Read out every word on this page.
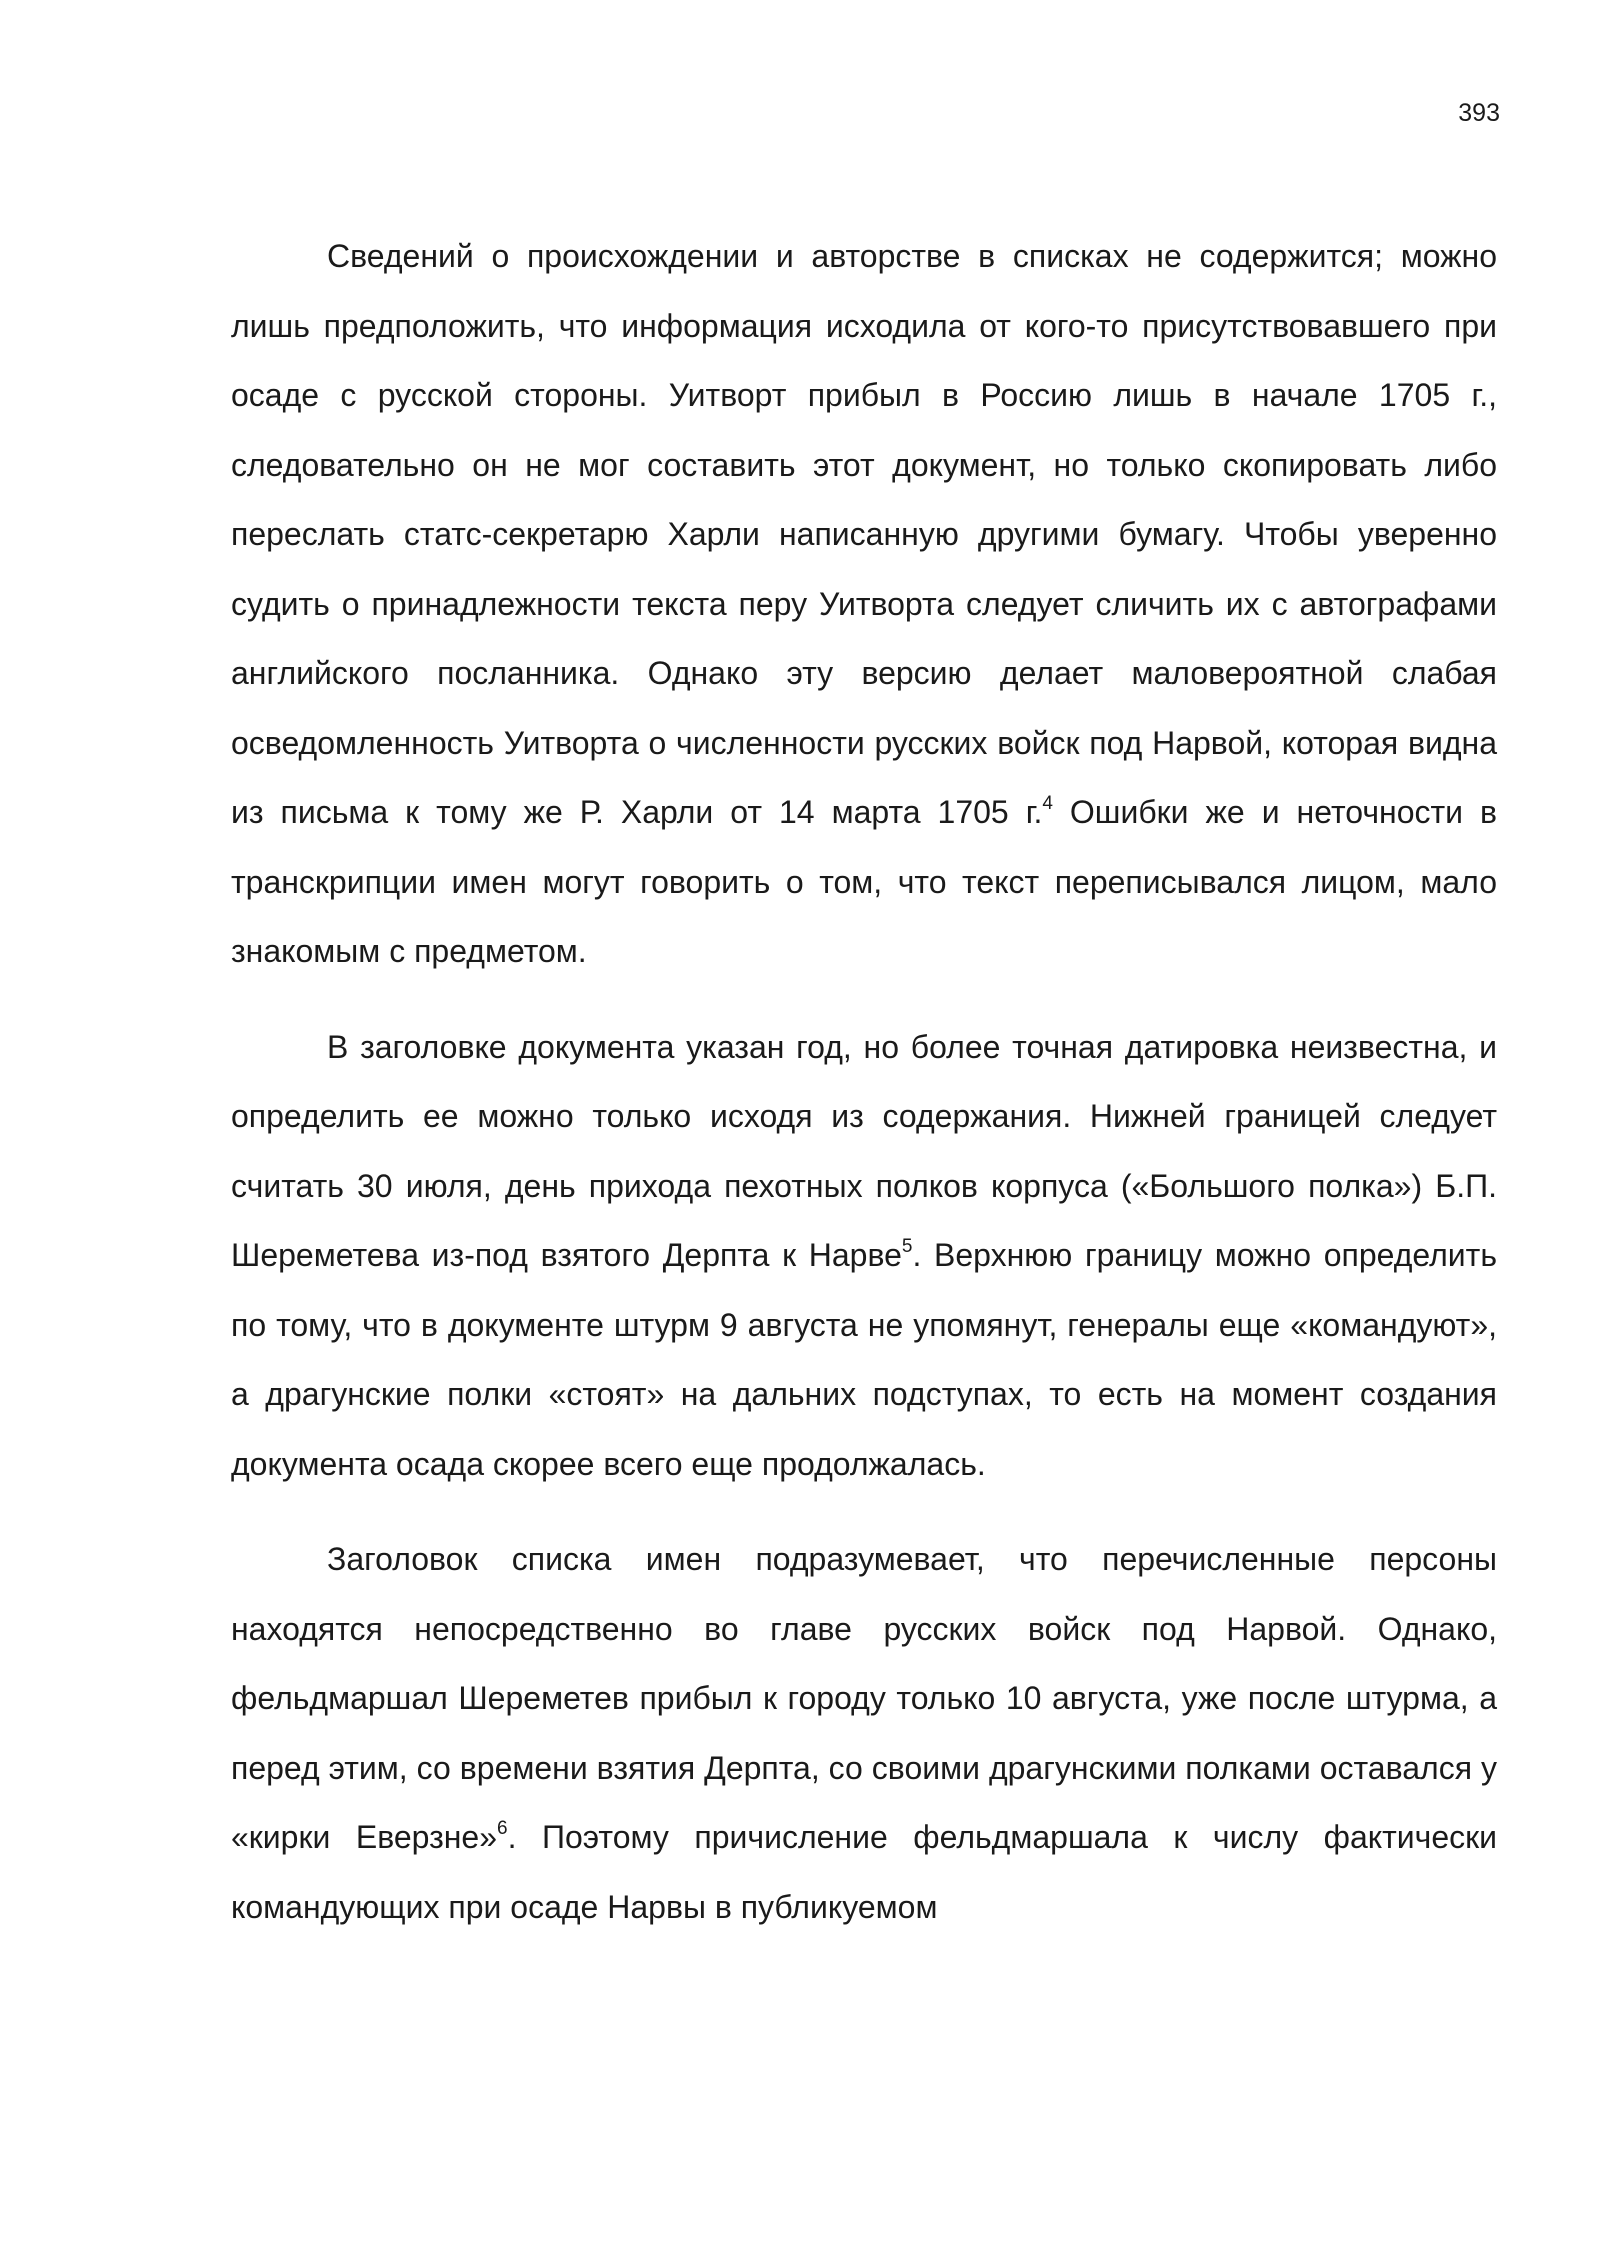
393

Сведений о происхождении и авторстве в списках не содержится; можно лишь предположить, что информация исходила от кого-то присутствовавшего при осаде с русской стороны. Уитворт прибыл в Россию лишь в начале 1705 г., следовательно он не мог составить этот документ, но только скопировать либо переслать статс-секретарю Харли написанную другими бумагу. Чтобы уверенно судить о принадлежности текста перу Уитворта следует сличить их с автографами английского посланника. Однако эту версию делает маловероятной слабая осведомленность Уитворта о численности русских войск под Нарвой, которая видна из письма к тому же Р. Харли от 14 марта 1705 г.$^4$ Ошибки же и неточности в транскрипции имен могут говорить о том, что текст переписывался лицом, мало знакомым с предметом.

В заголовке документа указан год, но более точная датировка неизвестна, и определить ее можно только исходя из содержания. Нижней границей следует считать 30 июля, день прихода пехотных полков корпуса («Большого полка») Б.П. Шереметева из-под взятого Дерпта к Нарве$^5$. Верхнюю границу можно определить по тому, что в документе штурм 9 августа не упомянут, генералы еще «командуют», а драгунские полки «стоят» на дальних подступах, то есть на момент создания документа осада скорее всего еще продолжалась.

Заголовок списка имен подразумевает, что перечисленные персоны находятся непосредственно во главе русских войск под Нарвой. Однако, фельдмаршал Шереметев прибыл к городу только 10 августа, уже после штурма, а перед этим, со времени взятия Дерпта, со своими драгунскими полками оставался у «кирки Еверзне»$^6$. Поэтому причисление фельдмаршала к числу фактически командующих при осаде Нарвы в публикуемом
